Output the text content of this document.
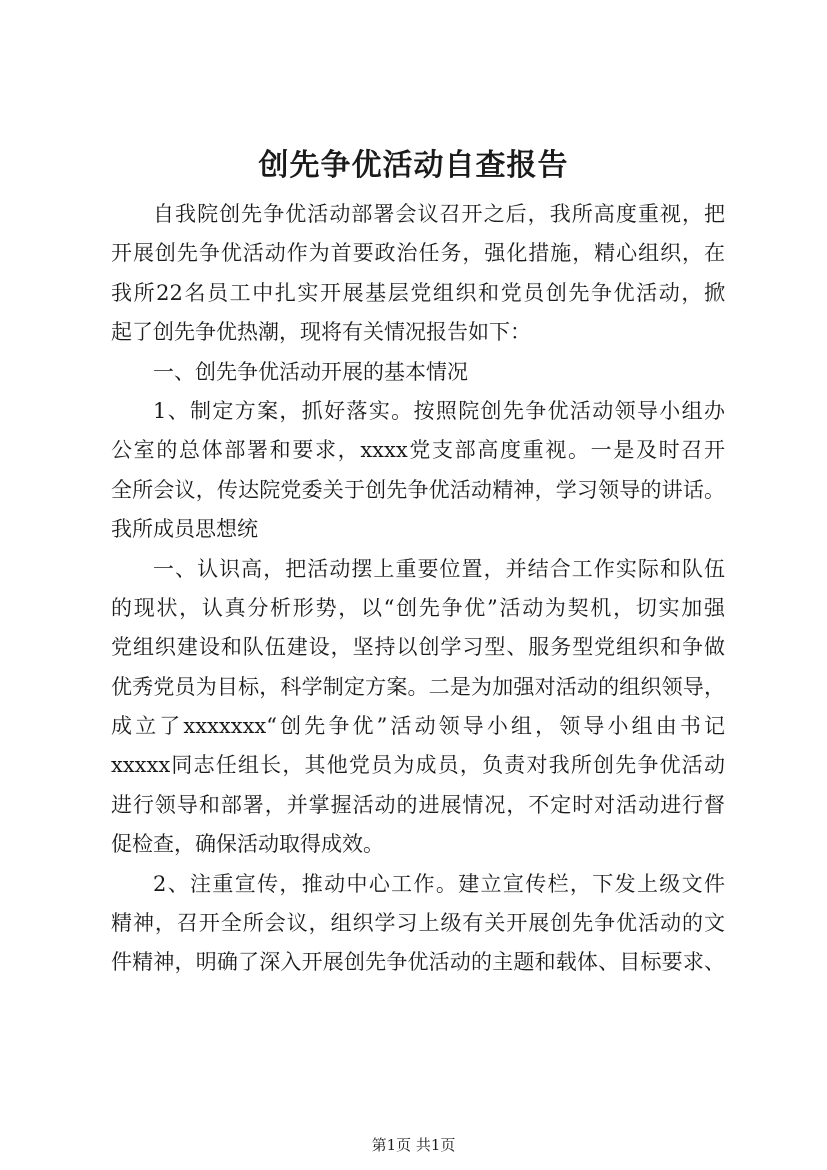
创先争优活动自查报告
自我院创先争优活动部署会议召开之后，我所高度重视，把
开展创先争优活动作为首要政治任务，强化措施，精心组织，在
我所22名员工中扎实开展基层党组织和党员创先争优活动，掀
起了创先争优热潮，现将有关情况报告如下：
一、创先争优活动开展的基本情况
1、制定方案，抓好落实。按照院创先争优活动领导小组办
公室的总体部署和要求，xxxx党支部高度重视。一是及时召开
全所会议，传达院党委关于创先争优活动精神，学习领导的讲话。
我所成员思想统
一、认识高，把活动摆上重要位置，并结合工作实际和队伍
的现状，认真分析形势，以“创先争优”活动为契机，切实加强
党组织建设和队伍建设，坚持以创学习型、服务型党组织和争做
优秀党员为目标，科学制定方案。二是为加强对活动的组织领导，
成立了xxxxxxx“创先争优”活动领导小组，领导小组由书记
xxxxx同志任组长，其他党员为成员，负责对我所创先争优活动
进行领导和部署，并掌握活动的进展情况，不定时对活动进行督
促检查，确保活动取得成效。
2、注重宣传，推动中心工作。建立宣传栏，下发上级文件
精神，召开全所会议，组织学习上级有关开展创先争优活动的文
件精神，明确了深入开展创先争优活动的主题和载体、目标要求、
第1页 共1页
